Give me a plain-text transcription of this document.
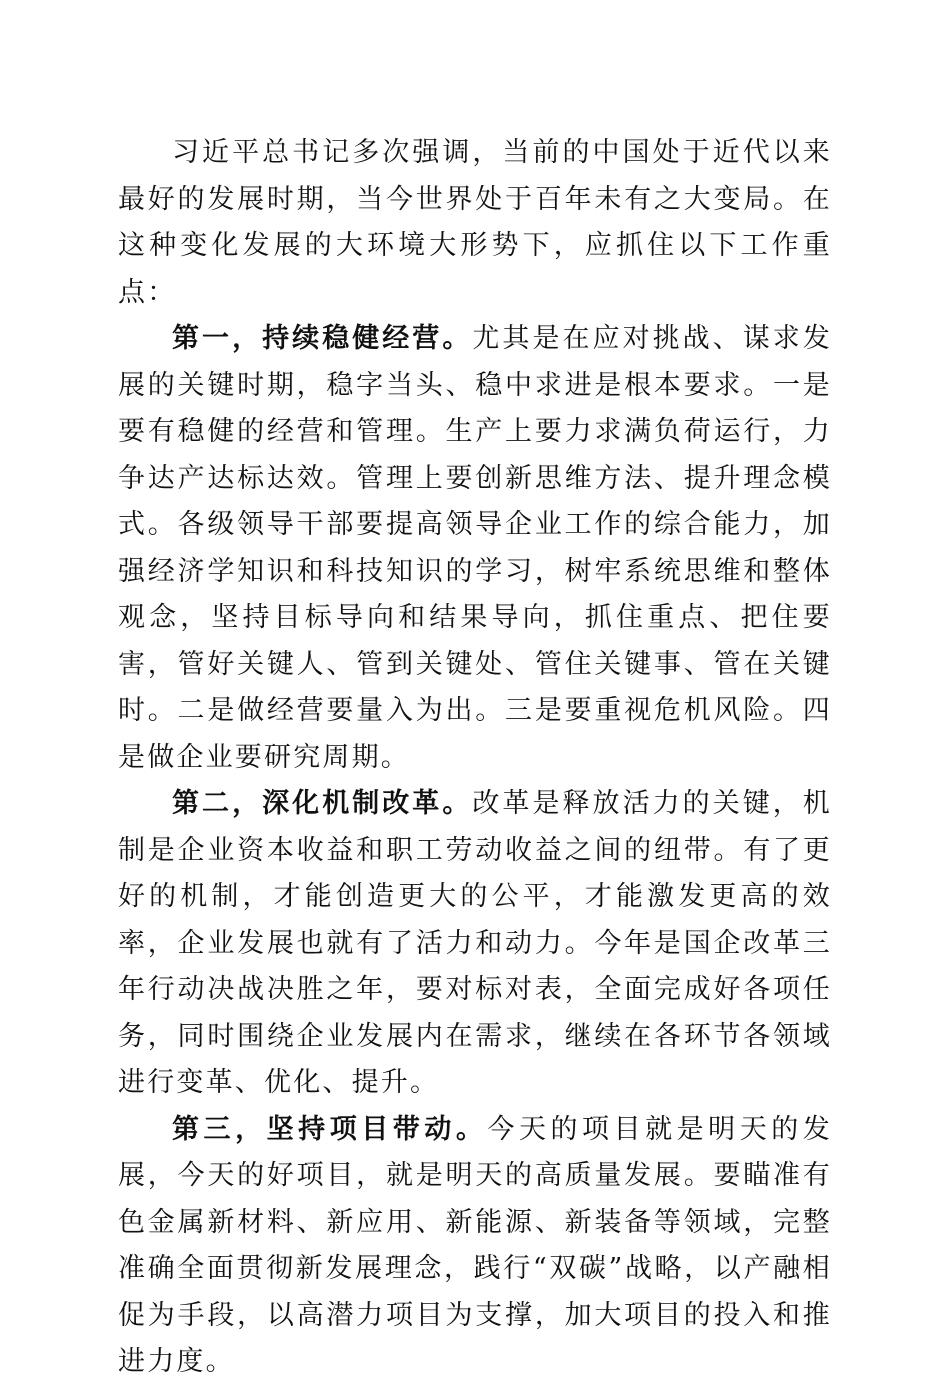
习近平总书记多次强调，当前的中国处于近代以来最好的发展时期，当今世界处于百年未有之大变局。在这种变化发展的大环境大形势下，应抓住以下工作重点：

第一，持续稳健经营。尤其是在应对挑战、谋求发展的关键时期，稳字当头、稳中求进是根本要求。一是要有稳健的经营和管理。生产上要力求满负荷运行，力争达产达标达效。管理上要创新思维方法、提升理念模式。各级领导干部要提高领导企业工作的综合能力，加强经济学知识和科技知识的学习，树牢系统思维和整体观念，坚持目标导向和结果导向，抓住重点、把住要害，管好关键人、管到关键处、管住关键事、管在关键时。二是做经营要量入为出。三是要重视危机风险。四是做企业要研究周期。

第二，深化机制改革。改革是释放活力的关键，机制是企业资本收益和职工劳动收益之间的纽带。有了更好的机制，才能创造更大的公平，才能激发更高的效率，企业发展也就有了活力和动力。今年是国企改革三年行动决战决胜之年，要对标对表，全面完成好各项任务，同时围绕企业发展内在需求，继续在各环节各领域进行变革、优化、提升。

第三，坚持项目带动。今天的项目就是明天的发展，今天的好项目，就是明天的高质量发展。要瞄准有色金属新材料、新应用、新能源、新装备等领域，完整准确全面贯彻新发展理念，践行“双碳”战略，以产融相促为手段，以高潜力项目为支撑，加大项目的投入和推进力度。
